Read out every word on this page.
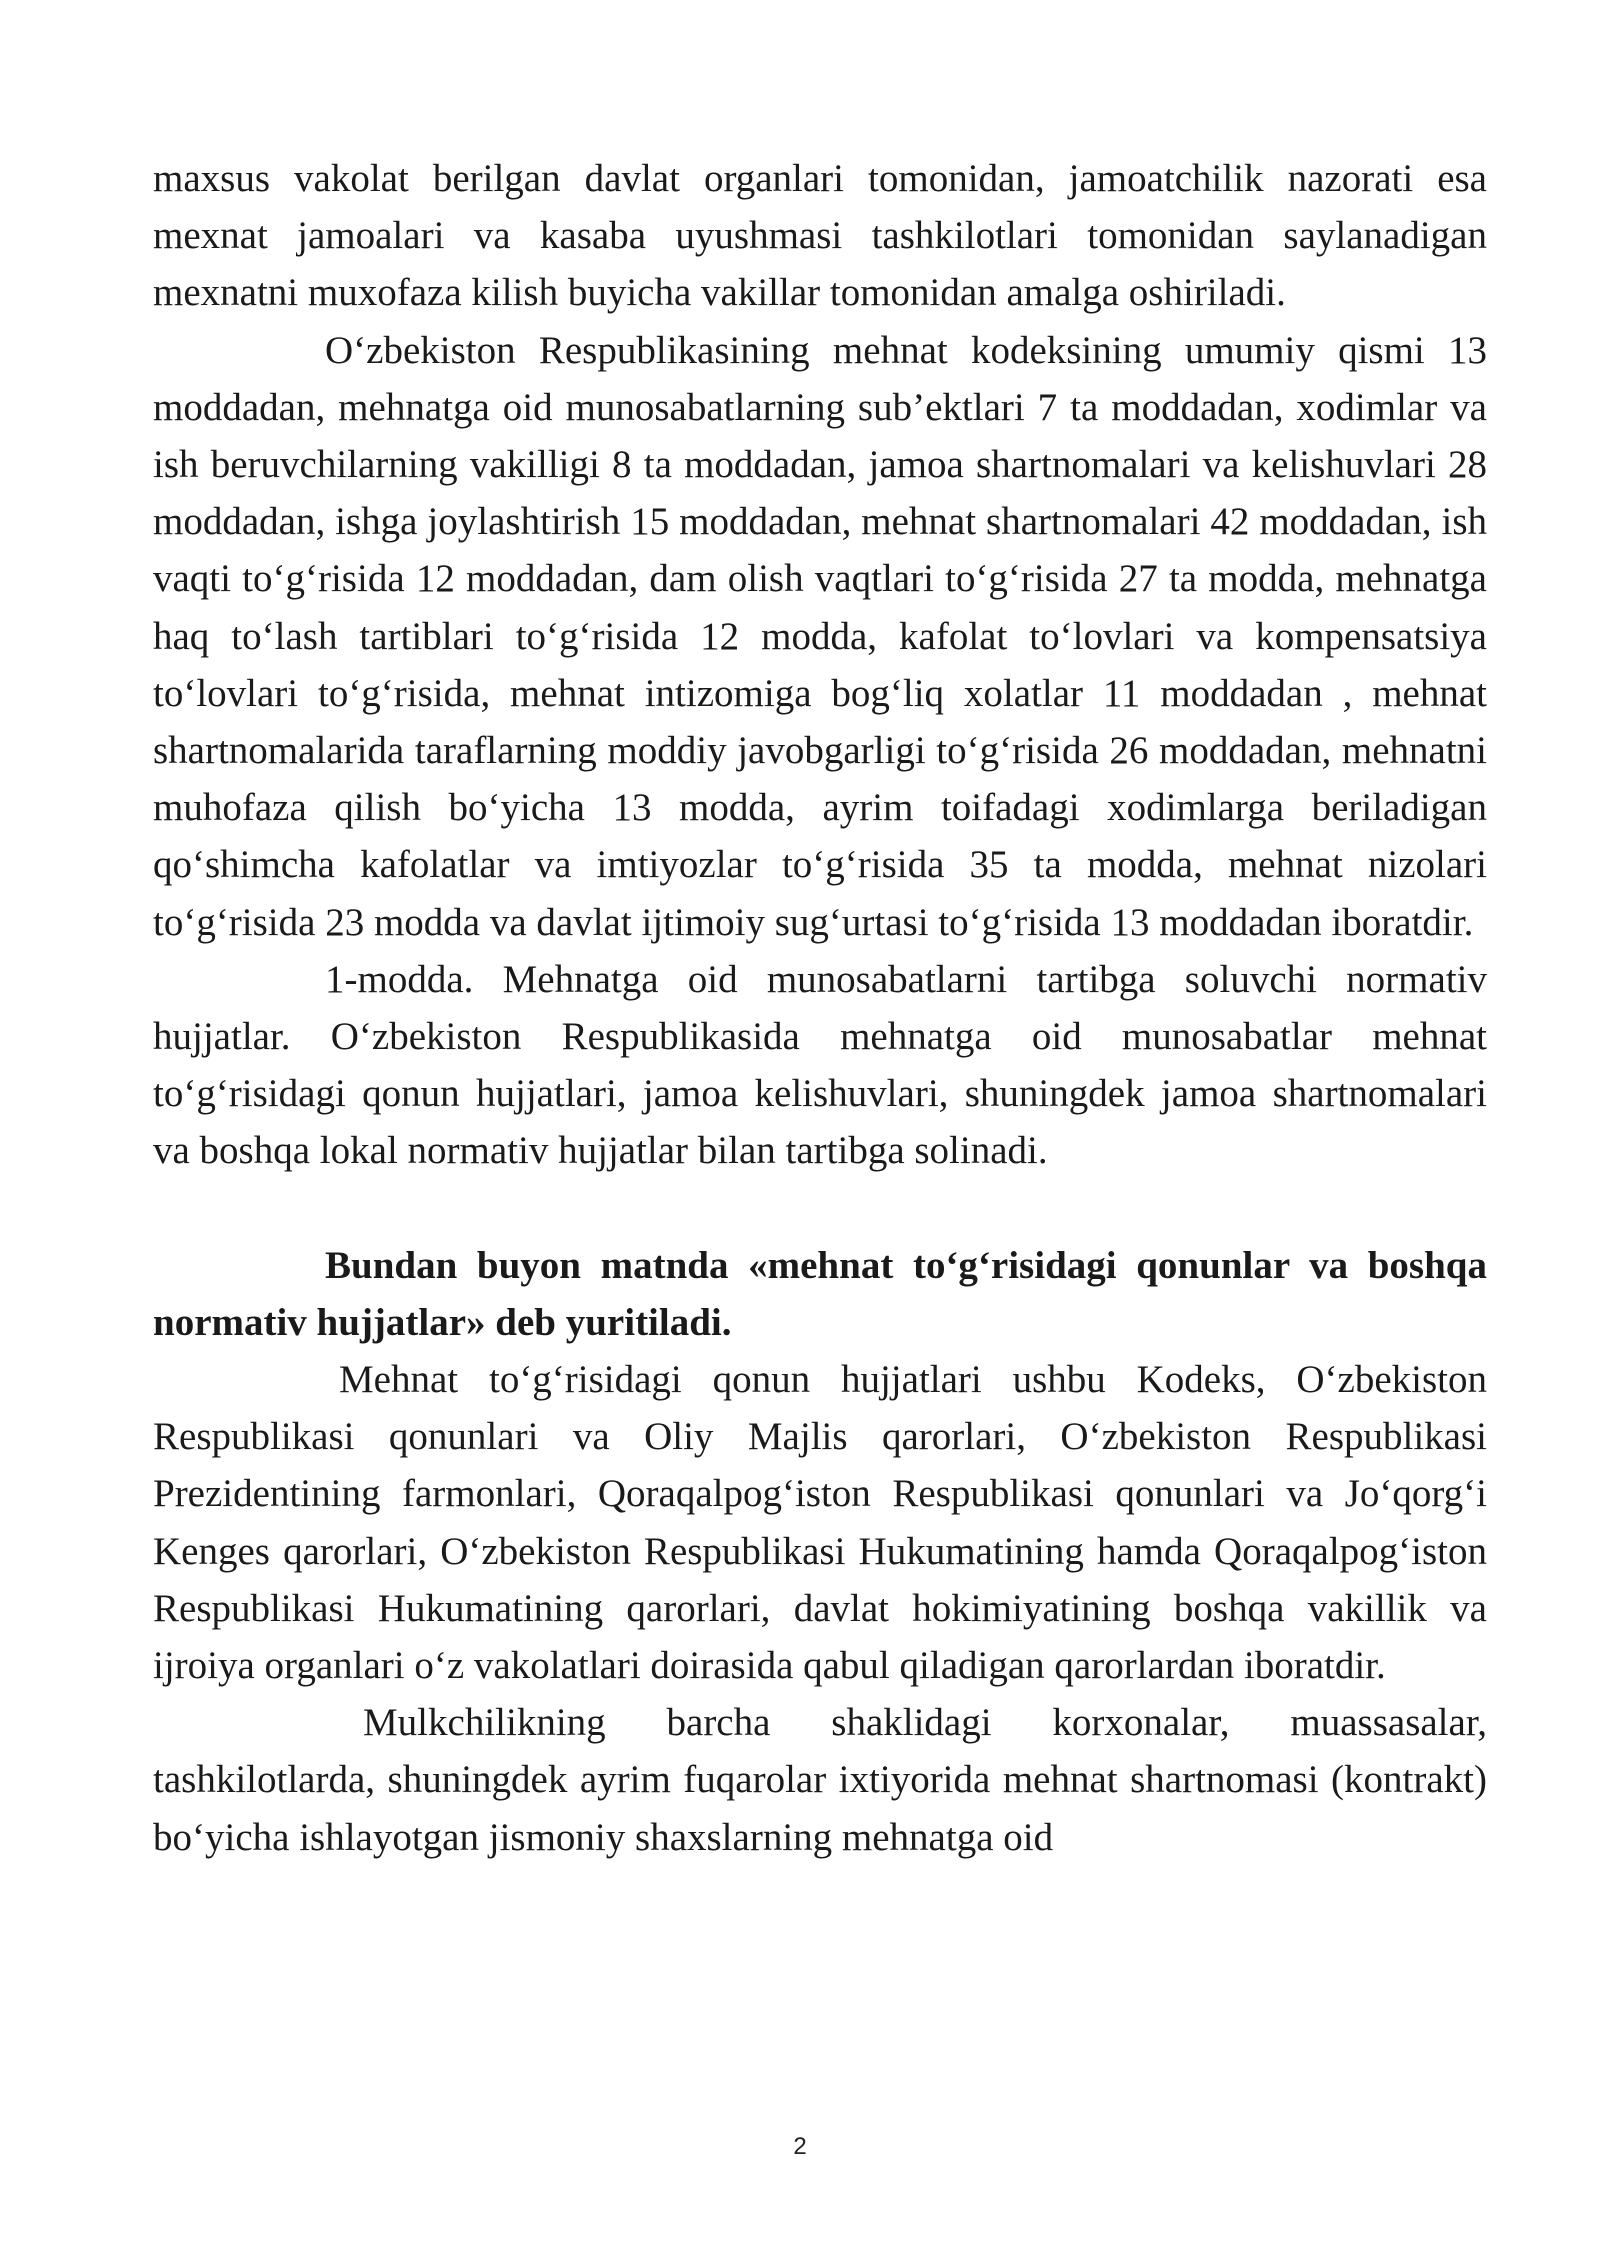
maxsus vakolat berilgan davlat organlari tomonidan, jamoatchilik nazorati esa mexnat jamoalari va kasaba uyushmasi tashkilotlari tomonidan saylanadigan mexnatni muxofaza kilish buyicha vakillar tomonidan amalga oshiriladi.

O‘zbekiston Respublikasining mehnat kodeksining umumiy qismi 13 moddadan, mehnatga oid munosabatlarning sub’ektlari 7 ta moddadan, xodimlar va ish beruvchilarning vakilligi 8 ta moddadan, jamoa shartnomalari va kelishuvlari 28 moddadan, ishga joylashtirish 15 moddadan, mehnat shartnomalari 42 moddadan, ish vaqti to‘g‘risida 12 moddadan, dam olish vaqtlari to‘g‘risida 27 ta modda, mehnatga haq to‘lash tartiblari to‘g‘risida 12 modda, kafolat to‘lovlari va kompensatsiya to‘lovlari to‘g‘risida, mehnat intizomiga bog‘liq xolatlar 11 moddadan , mehnat shartnomalarida taraflarning moddiy javobgarligi to‘g‘risida 26 moddadan, mehnatni muhofaza qilish bo‘yicha 13 modda, ayrim toifadagi xodimlarga beriladigan qo‘shimcha kafolatlar va imtiyozlar to‘g‘risida 35 ta modda, mehnat nizolari to‘g‘risida 23 modda va davlat ijtimoiy sug‘urtasi to‘g‘risida 13 moddadan iboratdir.

1-modda. Mehnatga oid munosabatlarni tartibga soluvchi normativ hujjatlar. O‘zbekiston Respublikasida mehnatga oid munosabatlar mehnat to‘g‘risidagi qonun hujjatlari, jamoa kelishuvlari, shuningdek jamoa shartnomalari va boshqa lokal normativ hujjatlar bilan tartibga solinadi.

Bundan buyon matnda «mehnat to‘g‘risidagi qonunlar va boshqa normativ hujjatlar» deb yuritiladi.

Mehnat to‘g‘risidagi qonun hujjatlari ushbu Kodeks, O‘zbekiston Respublikasi qonunlari va Oliy Majlis qarorlari, O‘zbekiston Respublikasi Prezidentining farmonlari, Qoraqalpog‘iston Respublikasi qonunlari va Jo‘qorg‘i Kenges qarorlari, O‘zbekiston Respublikasi Hukumatining hamda Qoraqalpog‘iston Respublikasi Hukumatining qarorlari, davlat hokimiyatining boshqa vakillik va ijroiya organlari o‘z vakolatlari doirasida qabul qiladigan qarorlardan iboratdir.

Mulkchilikning barcha shaklidagi korxonalar, muassasalar, tashkilotlarda, shuningdek ayrim fuqarolar ixtiyorida mehnat shartnomasi (kontrakt) bo‘yicha ishlayotgan jismoniy shaxslarning mehnatga oid

2
